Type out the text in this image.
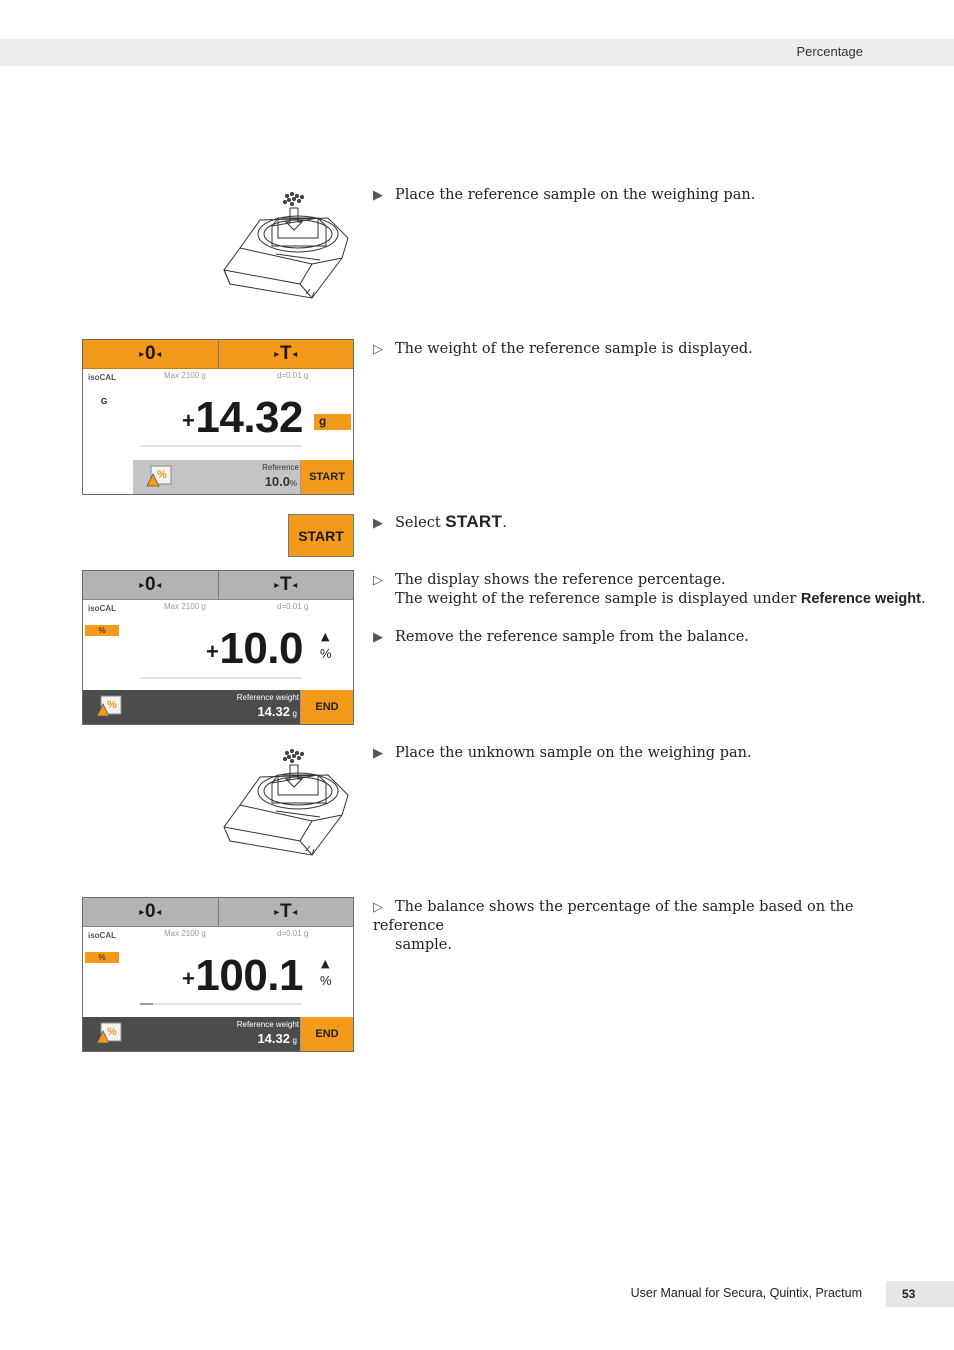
Percentage
▶ Place the reference sample on the weighing pan.
▶ 0 ◀	▶ T ◀
isoCAL	Max 2100 g	d=0.01 g
G
+14.32	g
%
Reference
10.0 %
START
▷ The weight of the reference sample is displayed.
START
▶ Select START.
▶ 0 ◀	▶ T ◀
isoCAL	Max 2100 g	d=0.01 g
%
+10.0 ▲
%
%
Reference weight
14.32 g
END
▷ The display shows the reference percentage.
The weight of the reference sample is displayed under Reference weight.
▶ Remove the reference sample from the balance.
▶ Place the unknown sample on the weighing pan.
▶ 0 ◀	▶ T ◀
isoCAL	Max 2100 g	d=0.01 g
%
+100.1 ▲
%
%
Reference weight
14.32 g
END
▷ The balance shows the percentage of the sample based on the reference
sample.
User Manual for Secura, Quintix, Practum	53
